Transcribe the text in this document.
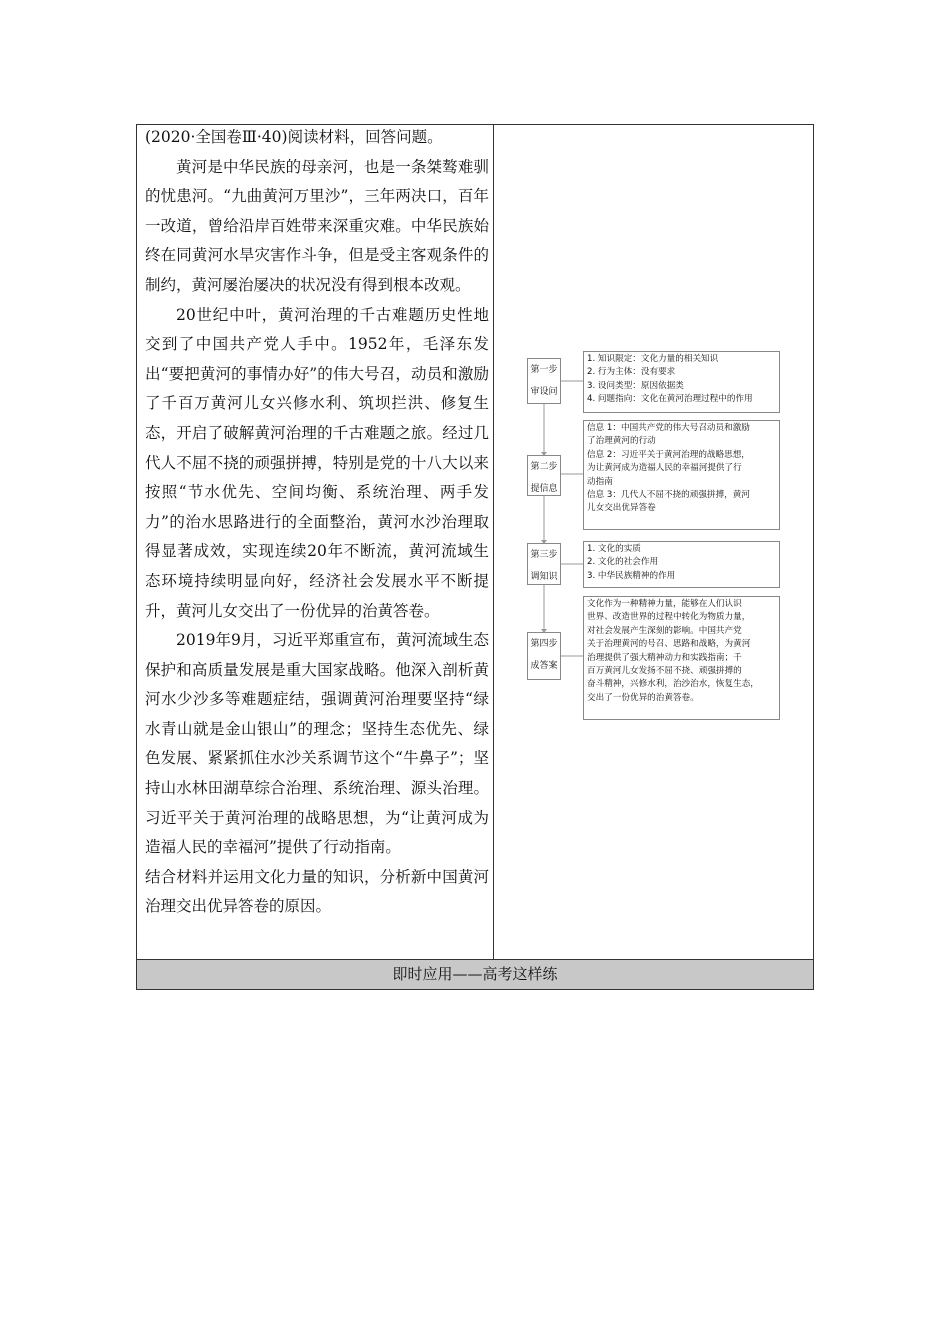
(2020·全国卷Ⅲ·40)阅读材料，回答问题。

黄河是中华民族的母亲河，也是一条桀骜难驯的忧患河。“九曲黄河万里沙”，三年两决口，百年一改道，曾给沿岸百姓带来深重灾难。中华民族始终在同黄河水旱灾害作斗争，但是受主客观条件的制约，黄河屡治屡决的状况没有得到根本改观。

20世纪中叶，黄河治理的千古难题历史性地交到了中国共产党人手中。1952年，毛泽东发出“要把黄河的事情办好”的伟大号召，动员和激励了千百万黄河儿女兴修水利、筑坝拦洪、修复生态，开启了破解黄河治理的千古难题之旅。经过几代人不屈不挠的顽强拼搏，特别是党的十八大以来按照“节水优先、空间均衡、系统治理、两手发力”的治水思路进行的全面整治，黄河水沙治理取得显著成效，实现连续20年不断流，黄河流域生态环境持续明显向好，经济社会发展水平不断提升，黄河儿女交出了一份优异的治黄答卷。

2019年9月，习近平郑重宣布，黄河流域生态保护和高质量发展是重大国家战略。他深入剖析黄河水少沙多等难题症结，强调黄河治理要坚持“绿水青山就是金山银山”的理念；坚持生态优先、绿色发展、紧紧抓住水沙关系调节这个“牛鼻子”；坚持山水林田湖草综合治理、系统治理、源头治理。习近平关于黄河治理的战略思想，为“让黄河成为造福人民的幸福河”提供了行动指南。

结合材料并运用文化力量的知识，分析新中国黄河治理交出优异答卷的原因。

第一步
审设问
1. 知识限定：文化力量的相关知识
2. 行为主体：没有要求
3. 设问类型：原因依据类
4. 问题指向：文化在黄河治理过程中的作用
第二步
提信息
信息 1：中国共产党的伟大号召动员和激励
了治理黄河的行动
信息 2：习近平关于黄河治理的战略思想，
为让黄河成为造福人民的幸福河提供了行
动指南
信息 3：几代人不屈不挠的顽强拼搏，黄河
儿女交出优异答卷
第三步
调知识
1. 文化的实质
2. 文化的社会作用
3. 中华民族精神的作用
第四步
成答案
文化作为一种精神力量，能够在人们认识
世界、改造世界的过程中转化为物质力量，
对社会发展产生深刻的影响。中国共产党
关于治理黄河的号召、思路和战略，为黄河
治理提供了强大精神动力和实践指南；千
百万黄河儿女发扬不屈不挠、顽强拼搏的
奋斗精神，兴修水利，治沙治水，恢复生态，
交出了一份优异的治黄答卷。
即时应用——高考这样练
